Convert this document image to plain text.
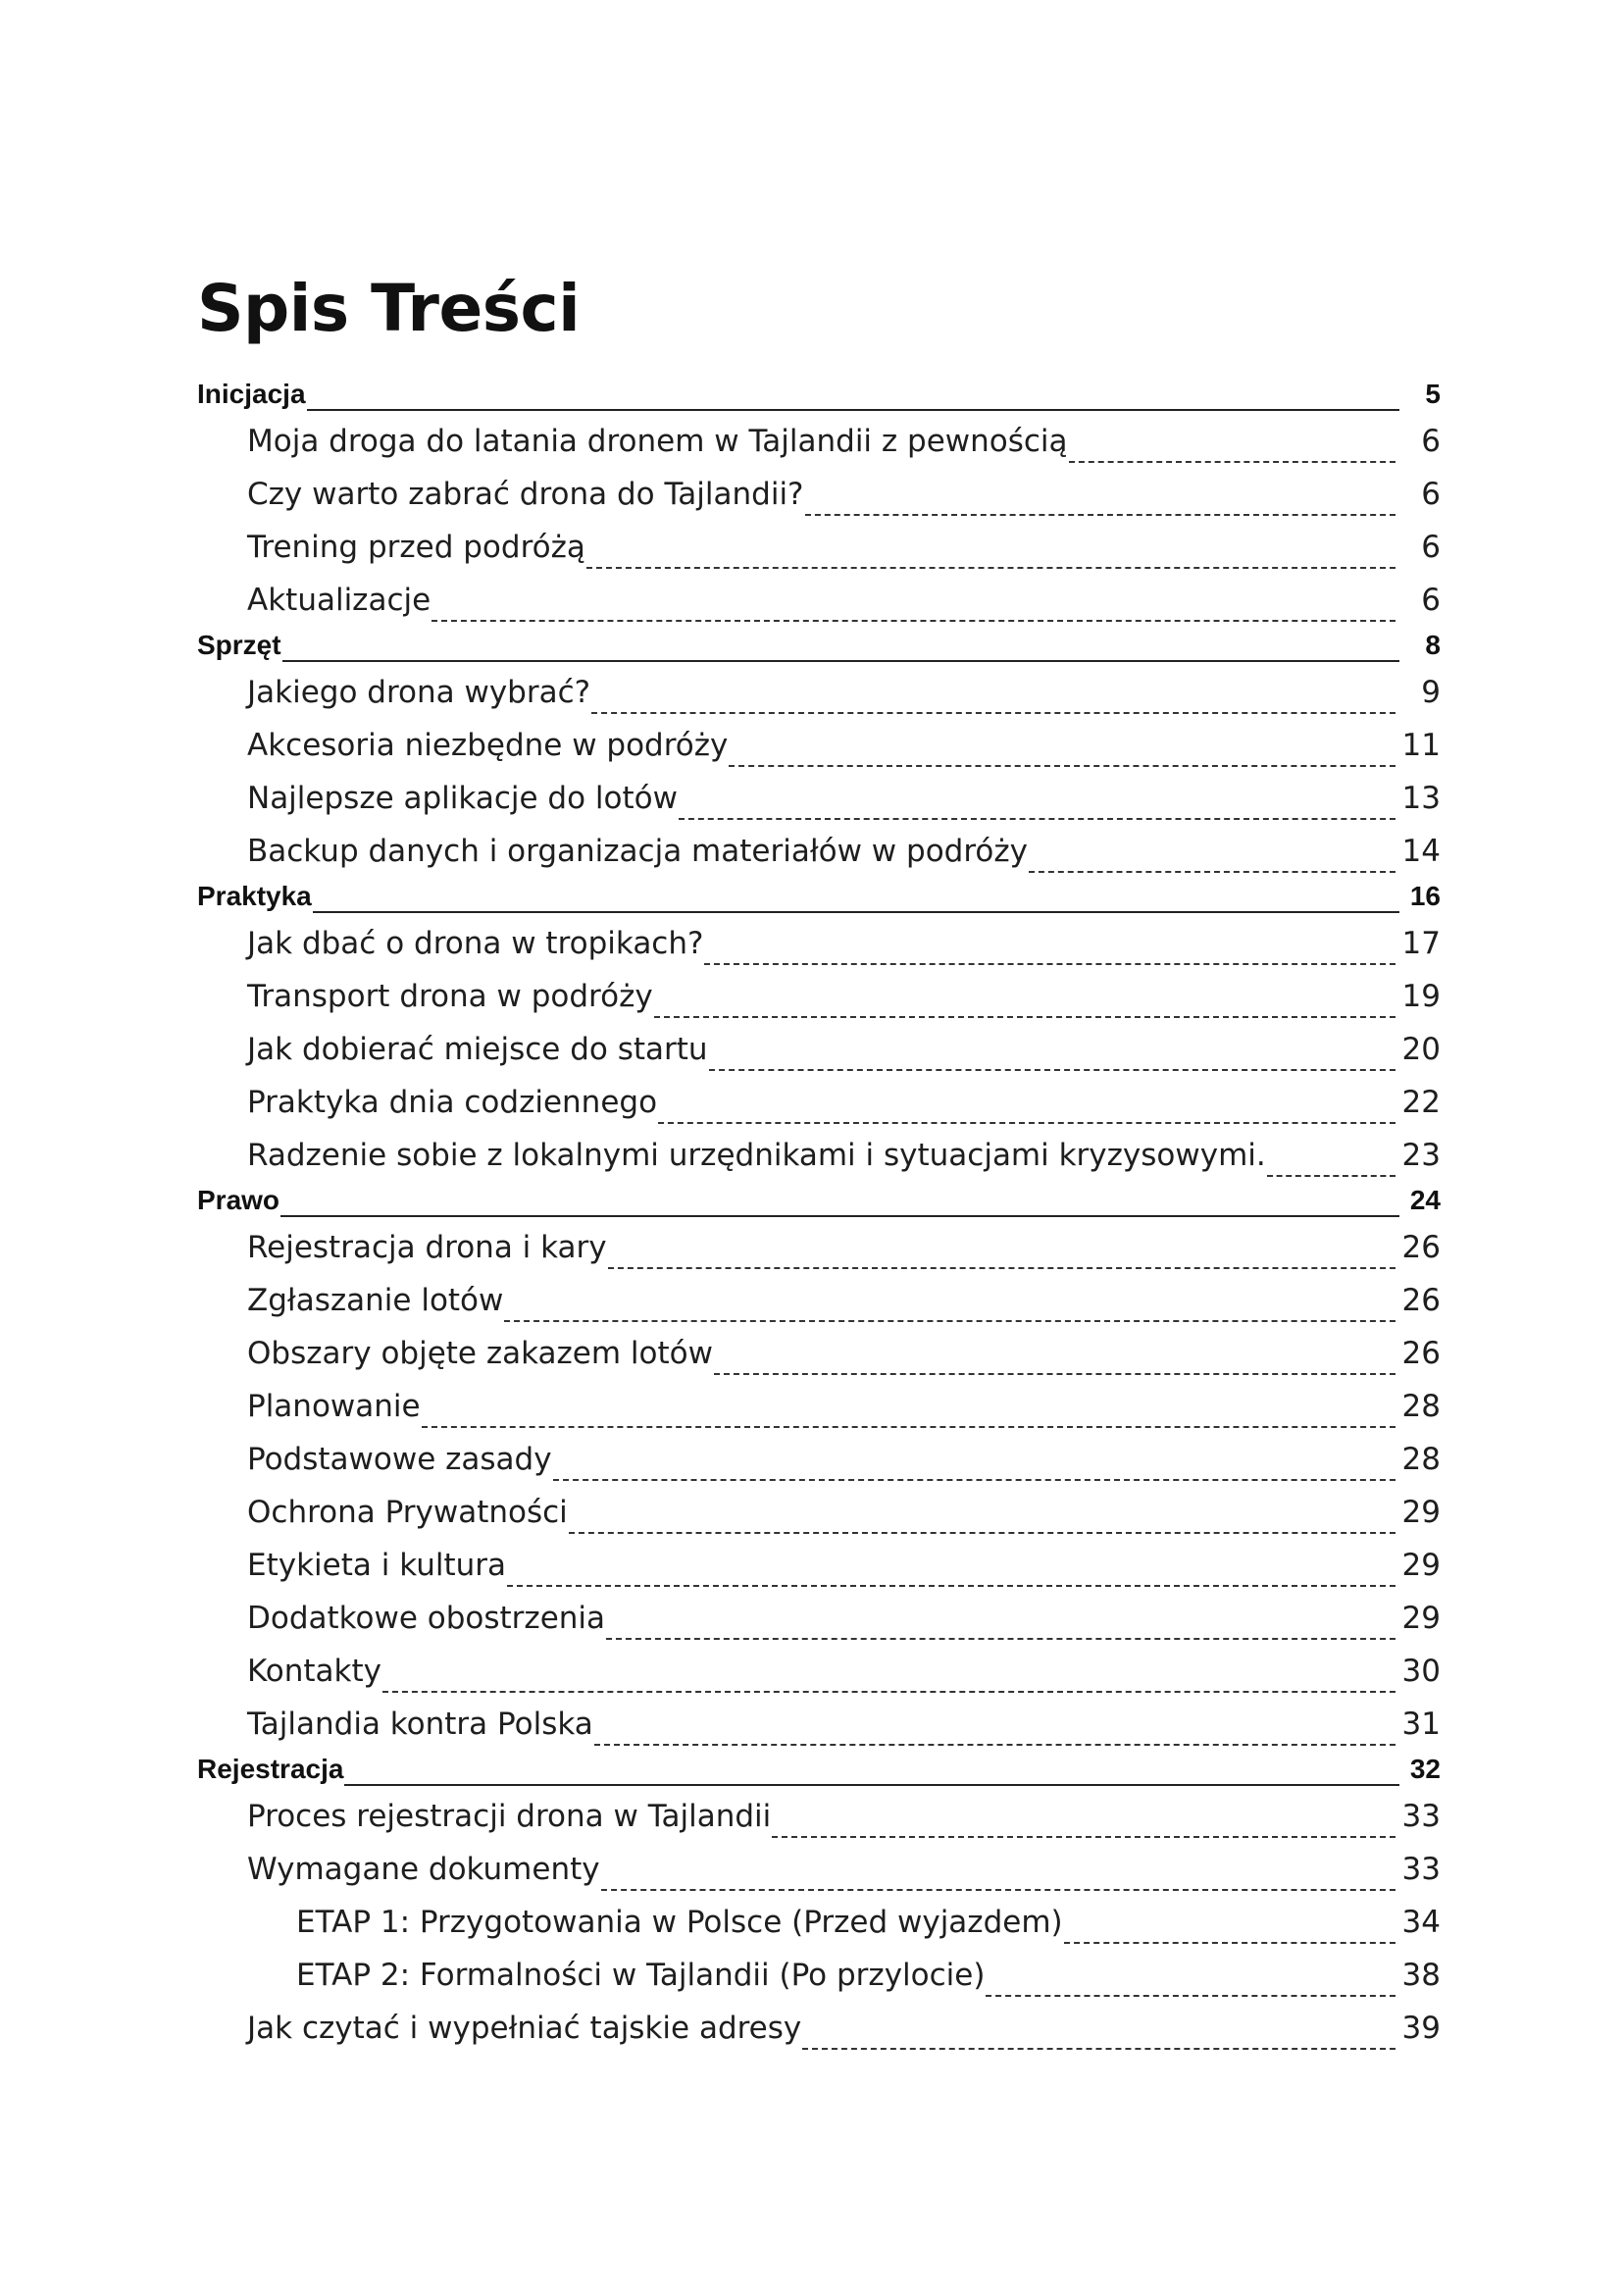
Spis Treści
Inicjacja	5
Moja droga do latania dronem w Tajlandii z pewnością	6
Czy warto zabrać drona do Tajlandii?	6
Trening przed podróżą	6
Aktualizacje	6
Sprzęt	8
Jakiego drona wybrać?	9
Akcesoria niezbędne w podróży	11
Najlepsze aplikacje do lotów	13
Backup danych i organizacja materiałów w podróży	14
Praktyka	16
Jak dbać o drona w tropikach?	17
Transport drona w podróży	19
Jak dobierać miejsce do startu	20
Praktyka dnia codziennego	22
Radzenie sobie z lokalnymi urzędnikami i sytuacjami kryzysowymi.	23
Prawo	24
Rejestracja drona i kary	26
Zgłaszanie lotów	26
Obszary objęte zakazem lotów	26
Planowanie	28
Podstawowe zasady	28
Ochrona Prywatności	29
Etykieta i kultura	29
Dodatkowe obostrzenia	29
Kontakty	30
Tajlandia kontra Polska	31
Rejestracja	32
Proces rejestracji drona w Tajlandii	33
Wymagane dokumenty	33
ETAP 1: Przygotowania w Polsce (Przed wyjazdem)	34
ETAP 2: Formalności w Tajlandii (Po przylocie)	38
Jak czytać i wypełniać tajskie adresy	39
